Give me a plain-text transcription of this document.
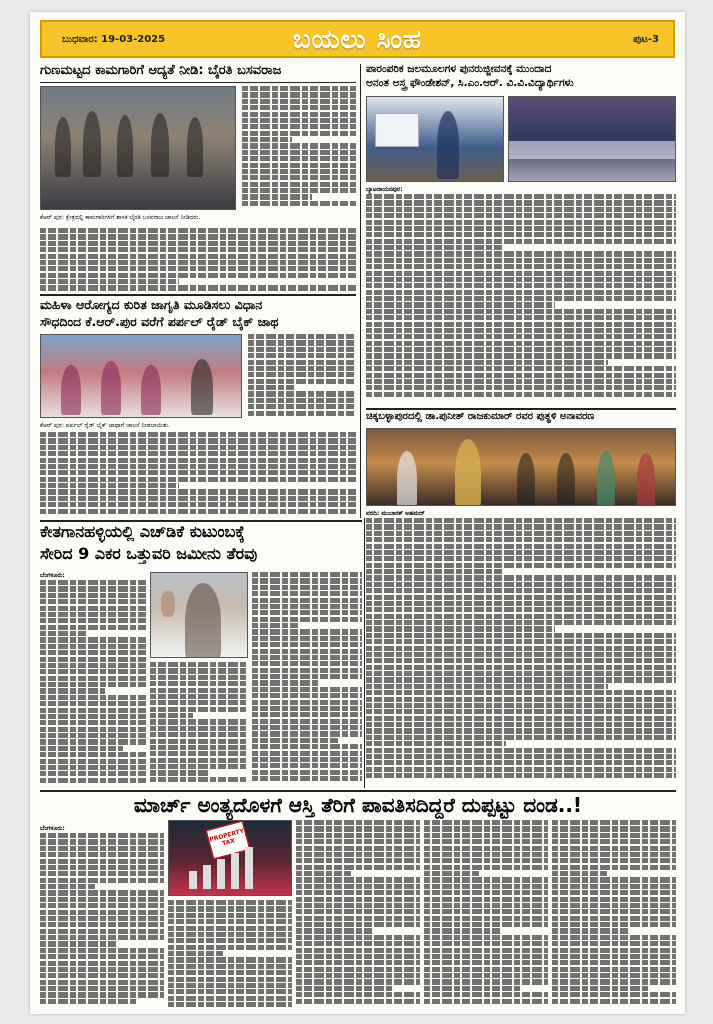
ಬುಧವಾರ: 19-03-2025	ಬಯಲು ಸಿಂಹ	ಪುಟ-3
ಗುಣಮಟ್ಟದ ಕಾಮಗಾರಿಗೆ ಆದ್ಯತೆ ನೀಡಿ: ಬೈರತಿ ಬಸವರಾಜ
ಕೆಆರ್ ಪುರ: ಕ್ಷೇತ್ರದಲ್ಲಿ ಕಾಮಗಾರಿಗಳಿಗೆ ಶಾಸಕ ಬೈರತಿ ಬಸವರಾಜ ಚಾಲನೆ ನೀಡಿದರು.
ಮಹಿಳಾ ಆರೋಗ್ಯದ ಕುರಿತ ಜಾಗೃತಿ ಮೂಡಿಸಲು ವಿಧಾನ
ಸೌಧದಿಂದ ಕೆ.ಆರ್.ಪುರ ವರೆಗೆ ಪರ್ಪಲ್ ರೈಡ್ ಬೈಕ್ ಜಾಥ
ಕೆಆರ್ ಪುರ: ಪರ್ಪಲ್ ರೈಡ್ ಬೈಕ್ ಜಾಥಾಗೆ ಚಾಲನೆ ನೀಡಲಾಯಿತು.
ಪಾರಂಪರಿಕ ಜಲಮೂಲಗಳ ಪುನರುಜ್ಜೀವನಕ್ಕೆ ಮುಂದಾದ
ಅನಂತ ಅಸ್ತ್ರ ಫೌಂಡೇಶನ್, ಸಿ.ಎಂ.ಆರ್. ವಿ.ವಿ.ವಿದ್ಯಾರ್ಥಿಗಳು
ಬ್ಯಾಟರಾಯನಪುರ:
ಚಿಕ್ಕಬಳ್ಳಾಪುರದಲ್ಲಿ ಡಾ.ಪುನೀತ್ ರಾಜಕುಮಾರ್ ರವರ ಪುತ್ಥಳಿ ಅನಾವರಣ
ವರದಿ: ಮುಬಾರಕ್ ಅಹಮದ್
ಕೇತಗಾನಹಳ್ಳಿಯಲ್ಲಿ ಎಚ್‌ಡಿಕೆ ಕುಟುಂಬಕ್ಕೆ
ಸೇರಿದ 9 ಎಕರ ಒತ್ತುವರಿ ಜಮೀನು ತೆರವು
ಬೆಂಗಳೂರು:
ಮಾರ್ಚ್ ಅಂತ್ಯದೊಳಗೆ ಆಸ್ತಿ ತೆರಿಗೆ ಪಾವತಿಸದಿದ್ದರೆ ದುಪ್ಪಟ್ಟು ದಂಡ..!
ಬೆಂಗಳೂರು:	PROPERTY TAX
